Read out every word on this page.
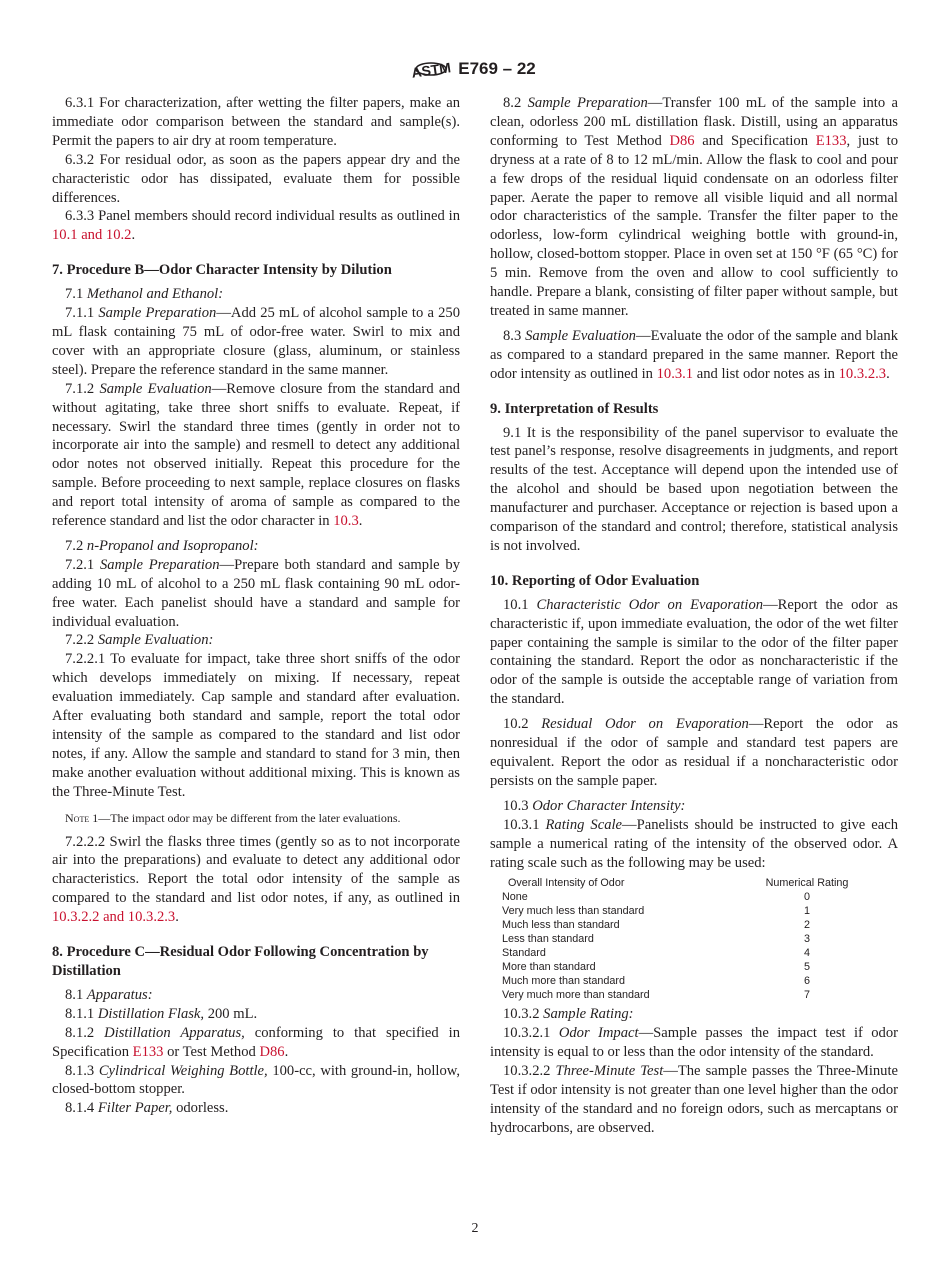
ASTM E769 – 22

6.3.1 For characterization, after wetting the filter papers, make an immediate odor comparison between the standard and sample(s). Permit the papers to air dry at room temperature.

6.3.2 For residual odor, as soon as the papers appear dry and the characteristic odor has dissipated, evaluate them for possible differences.

6.3.3 Panel members should record individual results as outlined in 10.1 and 10.2.

7. Procedure B—Odor Character Intensity by Dilution

7.1 Methanol and Ethanol:

7.1.1 Sample Preparation—Add 25 mL of alcohol sample to a 250 mL flask containing 75 mL of odor-free water. Swirl to mix and cover with an appropriate closure (glass, aluminum, or stainless steel). Prepare the reference standard in the same manner.

7.1.2 Sample Evaluation—Remove closure from the standard and without agitating, take three short sniffs to evaluate. Repeat, if necessary. Swirl the standard three times (gently in order not to incorporate air into the sample) and resmell to detect any additional odor notes not observed initially. Repeat this procedure for the sample. Before proceeding to next sample, replace closures on flasks and report total intensity of aroma of sample as compared to the reference standard and list the odor character in 10.3.

7.2 n-Propanol and Isopropanol:

7.2.1 Sample Preparation—Prepare both standard and sample by adding 10 mL of alcohol to a 250 mL flask containing 90 mL odor-free water. Each panelist should have a standard and sample for individual evaluation.

7.2.2 Sample Evaluation:

7.2.2.1 To evaluate for impact, take three short sniffs of the odor which develops immediately on mixing. If necessary, repeat evaluation immediately. Cap sample and standard after evaluation. After evaluating both standard and sample, report the total odor intensity of the sample as compared to the standard and list odor notes, if any. Allow the sample and standard to stand for 3 min, then make another evaluation without additional mixing. This is known as the Three-Minute Test.

Note 1—The impact odor may be different from the later evaluations.

7.2.2.2 Swirl the flasks three times (gently so as to not incorporate air into the preparations) and evaluate to detect any additional odor characteristics. Report the total odor intensity of the sample as compared to the standard and list odor notes, if any, as outlined in 10.3.2.2 and 10.3.2.3.

8. Procedure C—Residual Odor Following Concentration by Distillation

8.1 Apparatus:

8.1.1 Distillation Flask, 200 mL.

8.1.2 Distillation Apparatus, conforming to that specified in Specification E133 or Test Method D86.

8.1.3 Cylindrical Weighing Bottle, 100-cc, with ground-in, hollow, closed-bottom stopper.

8.1.4 Filter Paper, odorless.

8.2 Sample Preparation—Transfer 100 mL of the sample into a clean, odorless 200 mL distillation flask. Distill, using an apparatus conforming to Test Method D86 and Specification E133, just to dryness at a rate of 8 to 12 mL/min. Allow the flask to cool and pour a few drops of the residual liquid condensate on an odorless filter paper. Aerate the paper to remove all visible liquid and all normal odor characteristics of the sample. Transfer the filter paper to the odorless, low-form cylindrical weighing bottle with ground-in, hollow, closed-bottom stopper. Place in oven set at 150 °F (65 °C) for 5 min. Remove from the oven and allow to cool sufficiently to handle. Prepare a blank, consisting of filter paper without sample, but treated in same manner.

8.3 Sample Evaluation—Evaluate the odor of the sample and blank as compared to a standard prepared in the same manner. Report the odor intensity as outlined in 10.3.1 and list odor notes as in 10.3.2.3.

9. Interpretation of Results

9.1 It is the responsibility of the panel supervisor to evaluate the test panel’s response, resolve disagreements in judgments, and report results of the test. Acceptance will depend upon the intended use of the alcohol and should be based upon negotiation between the manufacturer and purchaser. Acceptance or rejection is based upon a comparison of the standard and control; therefore, statistical analysis is not involved.

10. Reporting of Odor Evaluation

10.1 Characteristic Odor on Evaporation—Report the odor as characteristic if, upon immediate evaluation, the odor of the wet filter paper containing the sample is similar to the odor of the filter paper containing the standard. Report the odor as noncharacteristic if the odor of the sample is outside the acceptable range of variation from the standard.

10.2 Residual Odor on Evaporation—Report the odor as nonresidual if the odor of sample and standard test papers are equivalent. Report the odor as residual if a noncharacteristic odor persists on the sample paper.

10.3 Odor Character Intensity:

10.3.1 Rating Scale—Panelists should be instructed to give each sample a numerical rating of the intensity of the observed odor. A rating scale such as the following may be used:

Overall Intensity of Odor	Numerical Rating
None	0
Very much less than standard	1
Much less than standard	2
Less than standard	3
Standard	4
More than standard	5
Much more than standard	6
Very much more than standard	7

10.3.2 Sample Rating:

10.3.2.1 Odor Impact—Sample passes the impact test if odor intensity is equal to or less than the odor intensity of the standard.

10.3.2.2 Three-Minute Test—The sample passes the Three-Minute Test if odor intensity is not greater than one level higher than the odor intensity of the standard and no foreign odors, such as mercaptans or hydrocarbons, are observed.

2
